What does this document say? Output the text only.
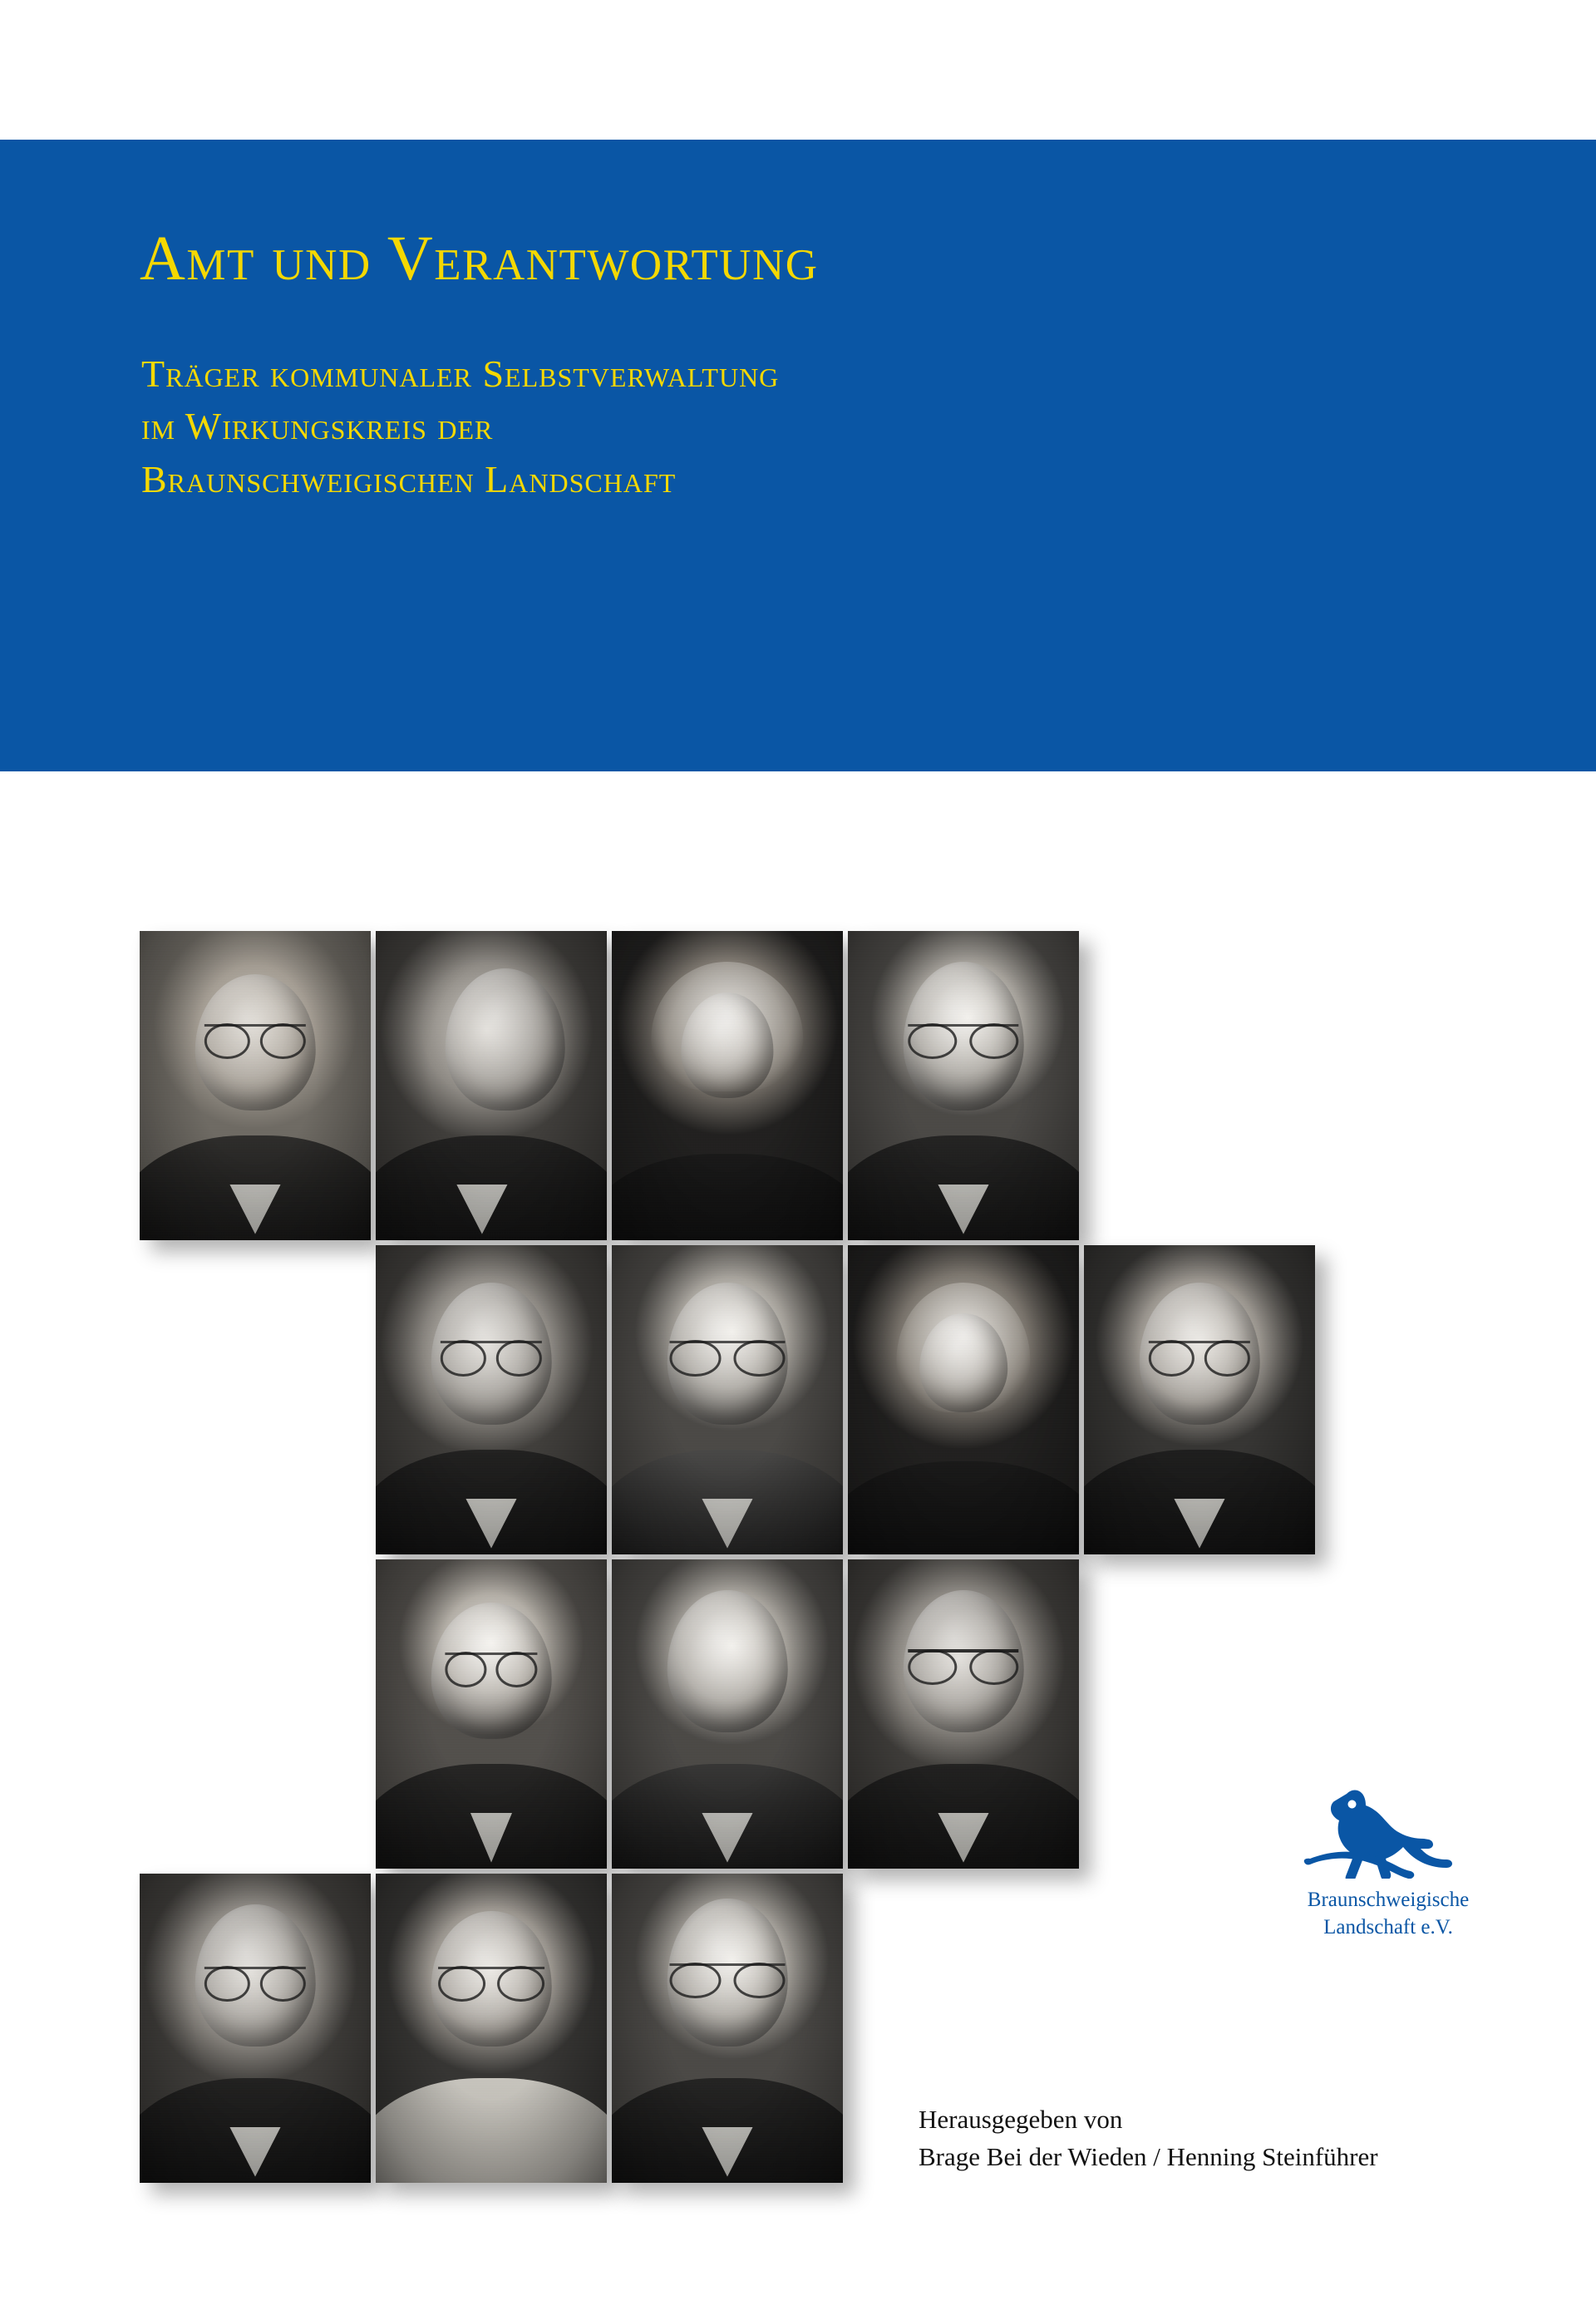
Amt und Verantwortung
Träger kommunaler Selbstverwaltung
im Wirkungskreis der
Braunschweigischen Landschaft
Braunschweigische
Landschaft e.V.
Herausgegeben von
Brage Bei der Wieden / Henning Steinführer
